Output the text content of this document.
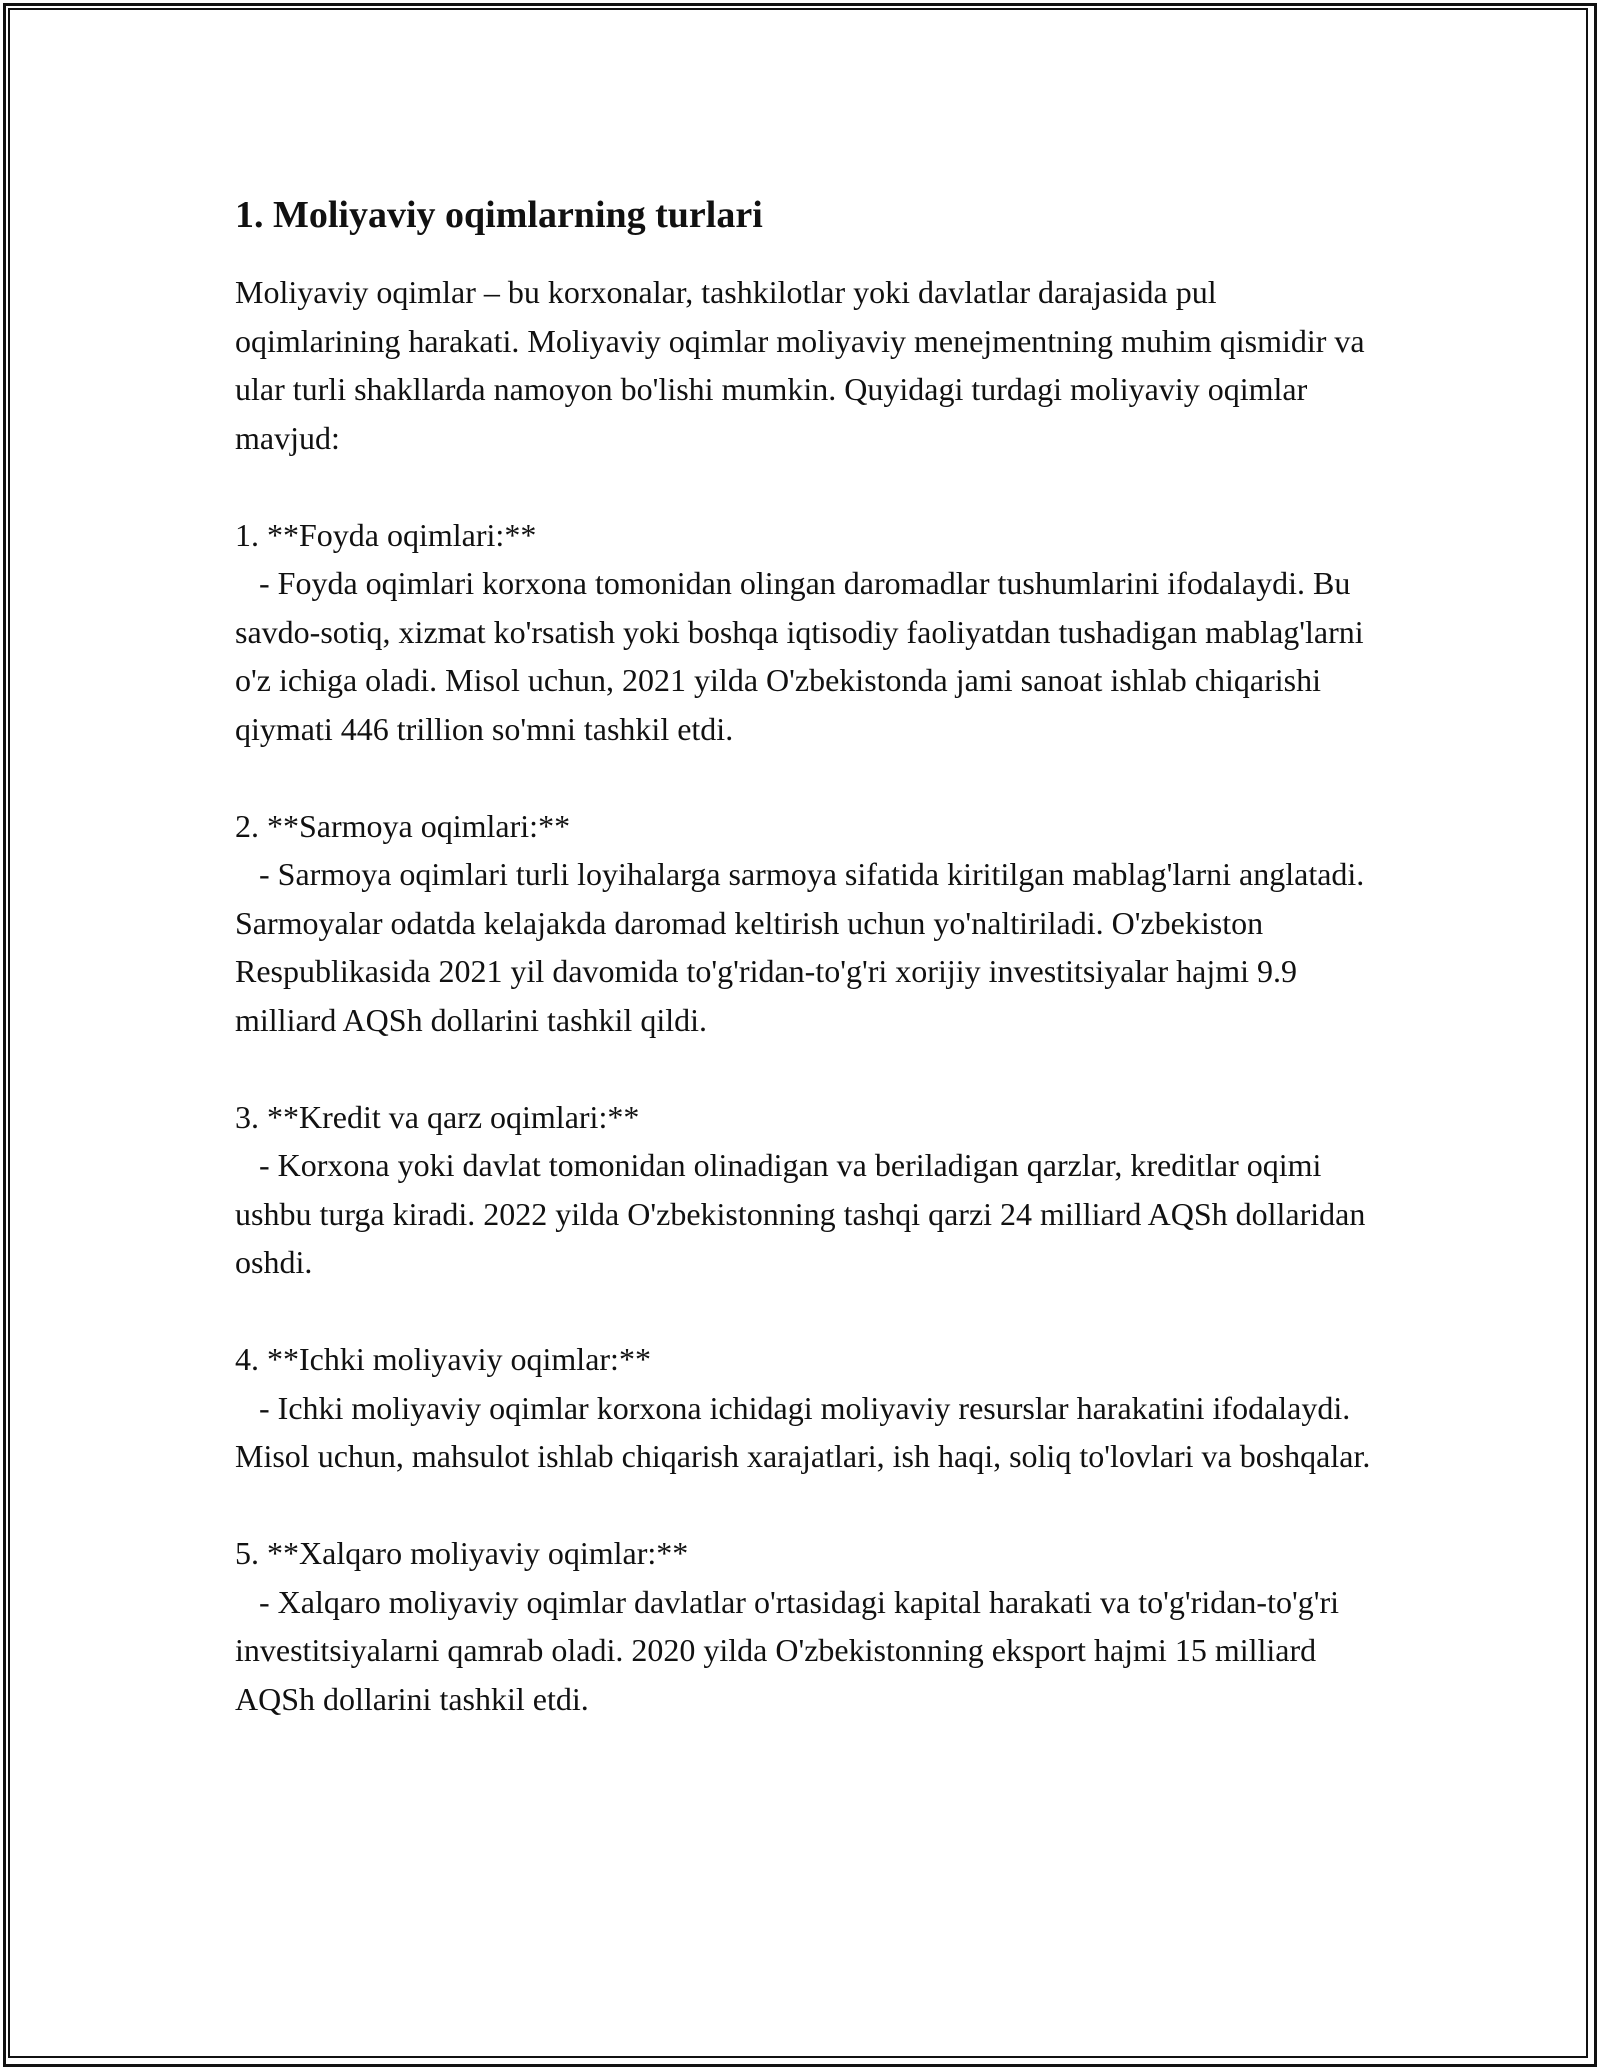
1. Moliyaviy oqimlarning turlari

Moliyaviy oqimlar – bu korxonalar, tashkilotlar yoki davlatlar darajasida pul oqimlarining harakati. Moliyaviy oqimlar moliyaviy menejmentning muhim qismidir va ular turli shakllarda namoyon bo'lishi mumkin. Quyidagi turdagi moliyaviy oqimlar mavjud:

1. **Foyda oqimlari:**

- Foyda oqimlari korxona tomonidan olingan daromadlar tushumlarini ifodalaydi. Bu savdo-sotiq, xizmat ko'rsatish yoki boshqa iqtisodiy faoliyatdan tushadigan mablag'larni o'z ichiga oladi. Misol uchun, 2021 yilda O'zbekistonda jami sanoat ishlab chiqarishi qiymati 446 trillion so'mni tashkil etdi.

2. **Sarmoya oqimlari:**

- Sarmoya oqimlari turli loyihalarga sarmoya sifatida kiritilgan mablag'larni anglatadi. Sarmoyalar odatda kelajakda daromad keltirish uchun yo'naltiriladi. O'zbekiston Respublikasida 2021 yil davomida to'g'ridan-to'g'ri xorijiy investitsiyalar hajmi 9.9 milliard AQSh dollarini tashkil qildi.

3. **Kredit va qarz oqimlari:**

- Korxona yoki davlat tomonidan olinadigan va beriladigan qarzlar, kreditlar oqimi ushbu turga kiradi. 2022 yilda O'zbekistonning tashqi qarzi 24 milliard AQSh dollaridan oshdi.

4. **Ichki moliyaviy oqimlar:**

- Ichki moliyaviy oqimlar korxona ichidagi moliyaviy resurslar harakatini ifodalaydi. Misol uchun, mahsulot ishlab chiqarish xarajatlari, ish haqi, soliq to'lovlari va boshqalar.

5. **Xalqaro moliyaviy oqimlar:**

- Xalqaro moliyaviy oqimlar davlatlar o'rtasidagi kapital harakati va to'g'ridan-to'g'ri investitsiyalarni qamrab oladi. 2020 yilda O'zbekistonning eksport hajmi 15 milliard AQSh dollarini tashkil etdi.
